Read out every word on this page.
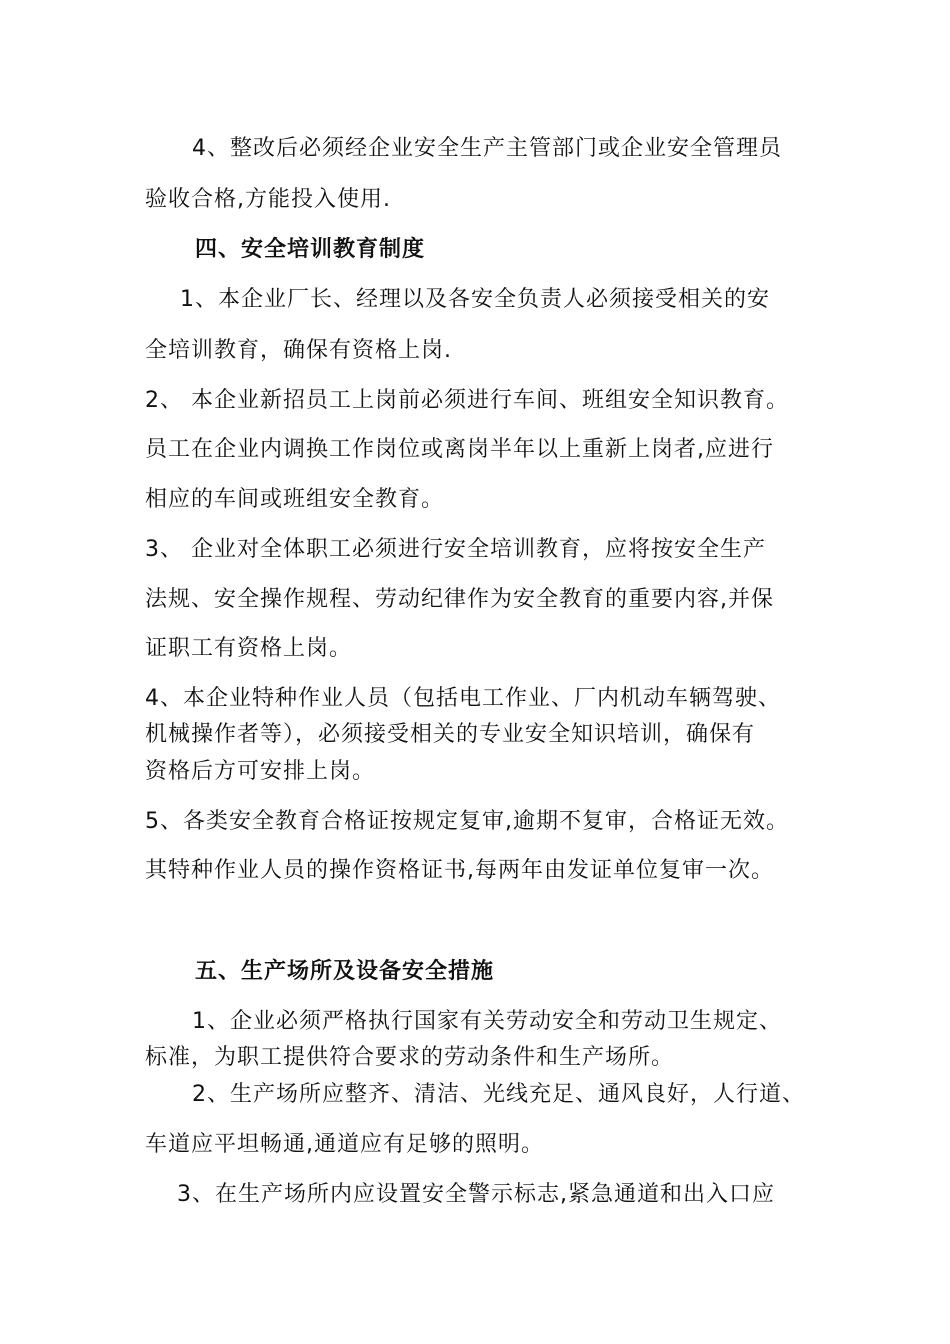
4、整改后必须经企业安全生产主管部门或企业安全管理员
验收合格,方能投入使用.
四、安全培训教育制度
1、本企业厂长、经理以及各安全负责人必须接受相关的安
全培训教育，确保有资格上岗.
2、 本企业新招员工上岗前必须进行车间、班组安全知识教育。
员工在企业内调换工作岗位或离岗半年以上重新上岗者,应进行
相应的车间或班组安全教育。
3、 企业对全体职工必须进行安全培训教育，应将按安全生产
法规、安全操作规程、劳动纪律作为安全教育的重要内容,并保
证职工有资格上岗。
4、本企业特种作业人员（包括电工作业、厂内机动车辆驾驶、
机械操作者等），必须接受相关的专业安全知识培训，确保有
资格后方可安排上岗。
5、各类安全教育合格证按规定复审,逾期不复审，合格证无效。
其特种作业人员的操作资格证书,每两年由发证单位复审一次。
五、生产场所及设备安全措施
1、企业必须严格执行国家有关劳动安全和劳动卫生规定、
标准，为职工提供符合要求的劳动条件和生产场所。
2、生产场所应整齐、清洁、光线充足、通风良好，人行道、
车道应平坦畅通,通道应有足够的照明。
3、在生产场所内应设置安全警示标志,紧急通道和出入口应
